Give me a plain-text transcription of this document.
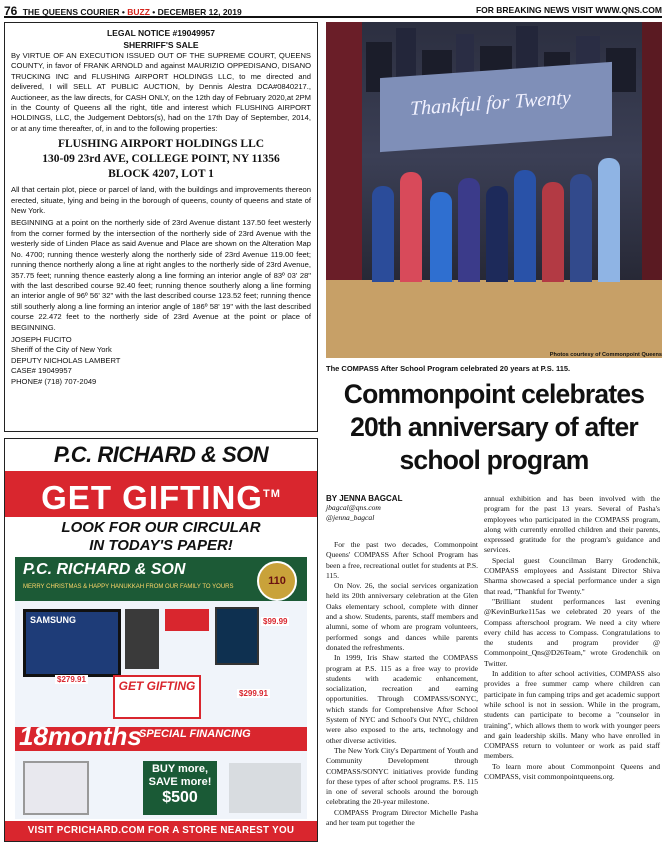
76 THE QUEENS COURIER • BUZZ • DECEMBER 12, 2019	FOR BREAKING NEWS VISIT WWW.QNS.COM
LEGAL NOTICE #19049957
SHERRIFF'S SALE

By VIRTUE OF AN EXECUTION ISSUED OUT OF THE SUPREME COURT, QUEENS COUNTY, in favor of FRANK ARNOLD and against MAURIZIO OPPEDISANO, DISANO TRUCKING INC and FLUSHING AIRPORT HOLDINGS LLC, to me directed and delivered, I will SELL AT PUBLIC AUCTION, by Dennis Alestra DCA#0840217., Auctioneer, as the law directs, for CASH ONLY, on the 12th day of February 2020,at 2PM in the County of Queens all the right, title and interest which FLUSHING AIRPORT HOLDINGS, LLC, the Judgement Debtors(s), had on the 17th Day of September, 2014, or at any time thereafter, of, in and to the following properties:

FLUSHING AIRPORT HOLDINGS LLC
130-09 23rd AVE, COLLEGE POINT, NY 11356
BLOCK 4207, LOT 1

All that certain plot, piece or parcel of land, with the buildings and improvements thereon erected, situate, lying and being in the borough of queens, county of queens and state of New York.

BEGINNING at a point on the northerly side of 23rd Avenue distant 137.50 feet westerly from the corner formed by the intersection of the northerly side of 23rd Avenue with the westerly side of Linden Place as said Avenue and Place are shown on the Alteration Map No. 4700; running thence westerly along the northerly side of 23rd Avenue 119.00 feet; running thence northerly along a line at right angles to the northerly side of 23rd Avenue, 357.75 feet; running thence easterly along a line forming an interior angle of 83º 03' 28" with the last described course 92.40 feet; running thence southerly along a line forming an interior angle of 96º 56' 32" with the last described course 123.52 feet; running thence still southerly along a line forming an interior angle of 186º 58' 19" with the last described course 22.472 feet to the northerly side of 23rd Avenue at the point or place of BEGINNING.

JOSEPH FUCITO
Sheriff of the City of New York
DEPUTY NICHOLAS LAMBERT
CASE# 19049957
PHONE# (718) 707-2049
P.C. RICHARD & SON
GET GIFTING™
LOOK FOR OUR CIRCULAR
IN TODAY'S PAPER!
P.C. RICHARD & SON
MERRY CHRISTMAS & HAPPY HANUKKAH FROM OUR FAMILY TO YOURS	110
SAMSUNG	$99.99
$279.91
$299.91
GET GIFTING
18months
SPECIAL FINANCING
BUY more, SAVE more!
$500
VISIT PCRICHARD.COM FOR A STORE NEAREST YOU
Thankful for Twenty
Photos courtesy of Commonpoint Queens
The COMPASS After School Program celebrated 20 years at P.S. 115.
Commonpoint celebrates 20th anniversary of after school program
BY JENNA BAGCAL
jbagcal@qns.com
@jenna_bagcal

For the past two decades, Commonpoint Queens' COMPASS After School Program has been a free, recreational outlet for students at P.S. 115.

On Nov. 26, the social services organization held its 20th anniversary celebration at the Glen Oaks elementary school, complete with dinner and a show. Students, parents, staff members and alumni, some of whom are program volunteers, performed songs and dances while parents donated the refreshments.

In 1999, Iris Shaw started the COMPASS program at P.S. 115 as a free way to provide students with academic enhancement, socialization, recreation and earning opportunities. Through COMPASS/SONYC, which stands for Comprehensive After School System of NYC and School's Out NYC, children were also exposed to the arts, technology and other diverse activities.

The New York City's Department of Youth and Community Development through COMPASS/SONYC initiatives provide funding for these types of after school programs. P.S. 115 in one of several schools around the borough celebrating the 20-year milestone.

COMPASS Program Director Michelle Pasha and her team put together the

annual exhibition and has been involved with the program for the past 13 years. Several of Pasha's employees who participated in the COMPASS program, along with currently enrolled children and their parents, expressed gratitude for the program's guidance and services.

Special guest Councilman Barry Grodenchik, COMPASS employees and Assistant Director Shiva Sharma showcased a special performance under a sign that read, "Thankful for Twenty."

"Brilliant student performances last evening @KevinBurke115as we celebrated 20 years of the Compass afterschool program. We need a city where every child has access to Compass. Congratulations to the students and program provider @ Commonpoint_Qns@D26Team," wrote Grodenchik on Twitter.

In addition to after school activities, COMPASS also provides a free summer camp where children can participate in fun camping trips and get academic support while school is not in session. While in the program, students can participate to become a "counselor in training", which allows them to work with younger peers and gain leadership skills. Many who have enrolled in COMPASS return to volunteer or work as paid staff members.

To learn more about Commonpoint Queens and COMPASS, visit commonpointqueens.org.
